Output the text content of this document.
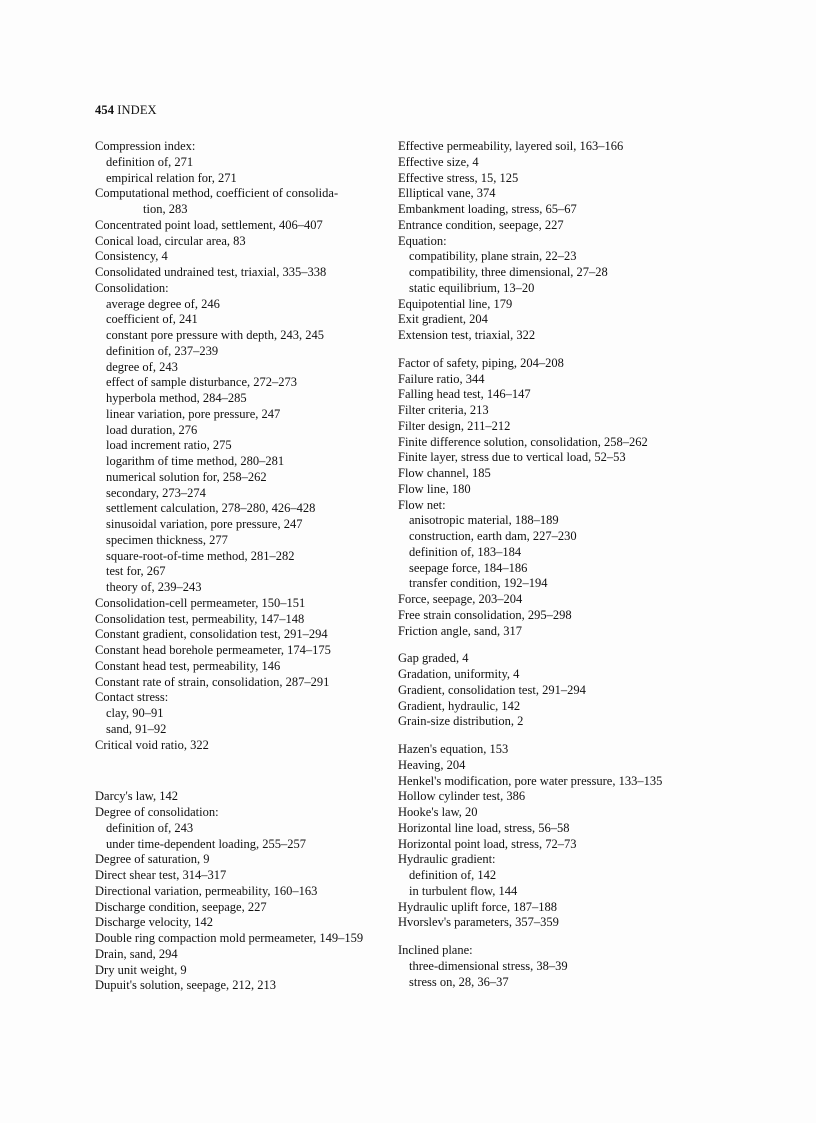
454 INDEX
Compression index:
definition of, 271
empirical relation for, 271
Computational method, coefficient of consolida-
tion, 283
Concentrated point load, settlement, 406–407
Conical load, circular area, 83
Consistency, 4
Consolidated undrained test, triaxial, 335–338
Consolidation:
average degree of, 246
coefficient of, 241
constant pore pressure with depth, 243, 245
definition of, 237–239
degree of, 243
effect of sample disturbance, 272–273
hyperbola method, 284–285
linear variation, pore pressure, 247
load duration, 276
load increment ratio, 275
logarithm of time method, 280–281
numerical solution for, 258–262
secondary, 273–274
settlement calculation, 278–280, 426–428
sinusoidal variation, pore pressure, 247
specimen thickness, 277
square-root-of-time method, 281–282
test for, 267
theory of, 239–243
Consolidation-cell permeameter, 150–151
Consolidation test, permeability, 147–148
Constant gradient, consolidation test, 291–294
Constant head borehole permeameter, 174–175
Constant head test, permeability, 146
Constant rate of strain, consolidation, 287–291
Contact stress:
clay, 90–91
sand, 91–92
Critical void ratio, 322
Darcy's law, 142
Degree of consolidation:
definition of, 243
under time-dependent loading, 255–257
Degree of saturation, 9
Direct shear test, 314–317
Directional variation, permeability, 160–163
Discharge condition, seepage, 227
Discharge velocity, 142
Double ring compaction mold permeameter, 149–159
Drain, sand, 294
Dry unit weight, 9
Dupuit's solution, seepage, 212, 213
Effective permeability, layered soil, 163–166
Effective size, 4
Effective stress, 15, 125
Elliptical vane, 374
Embankment loading, stress, 65–67
Entrance condition, seepage, 227
Equation:
compatibility, plane strain, 22–23
compatibility, three dimensional, 27–28
static equilibrium, 13–20
Equipotential line, 179
Exit gradient, 204
Extension test, triaxial, 322
Factor of safety, piping, 204–208
Failure ratio, 344
Falling head test, 146–147
Filter criteria, 213
Filter design, 211–212
Finite difference solution, consolidation, 258–262
Finite layer, stress due to vertical load, 52–53
Flow channel, 185
Flow line, 180
Flow net:
anisotropic material, 188–189
construction, earth dam, 227–230
definition of, 183–184
seepage force, 184–186
transfer condition, 192–194
Force, seepage, 203–204
Free strain consolidation, 295–298
Friction angle, sand, 317
Gap graded, 4
Gradation, uniformity, 4
Gradient, consolidation test, 291–294
Gradient, hydraulic, 142
Grain-size distribution, 2
Hazen's equation, 153
Heaving, 204
Henkel's modification, pore water pressure, 133–135
Hollow cylinder test, 386
Hooke's law, 20
Horizontal line load, stress, 56–58
Horizontal point load, stress, 72–73
Hydraulic gradient:
definition of, 142
in turbulent flow, 144
Hydraulic uplift force, 187–188
Hvorslev's parameters, 357–359
Inclined plane:
three-dimensional stress, 38–39
stress on, 28, 36–37
